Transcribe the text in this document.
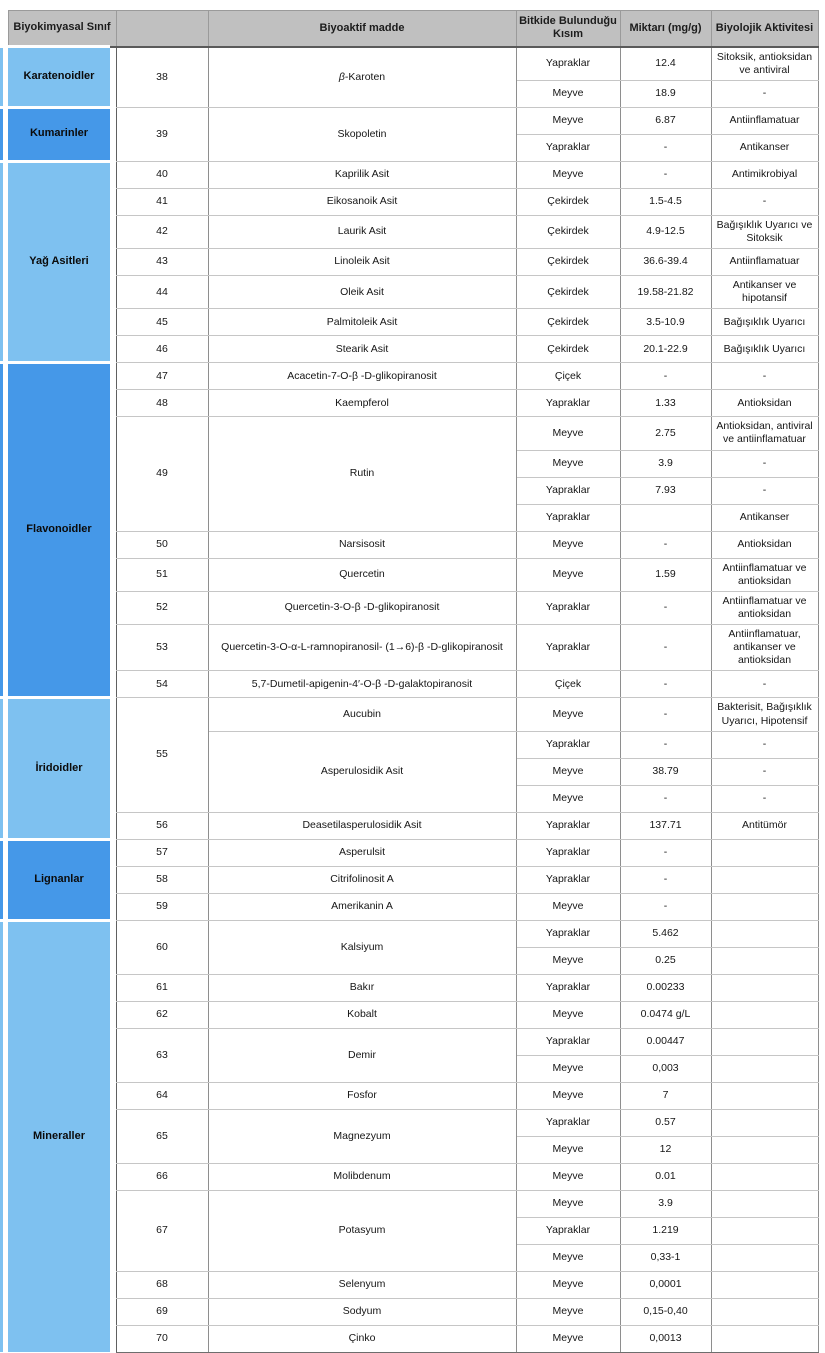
		Biyokimyasal Sınıf			Biyoaktif madde	Bitkide Bulunduğu Kısım	Miktarı (mg/g)	Biyolojik Aktivitesi
		Karatenoidler		38	β-Karoten	Yapraklar	12.4	Sitoksik, antioksidan ve antiviral
						Meyve	18.9	-
		Kumarinler		39	Skopoletin	Meyve	6.87	Antiinflamatuar
						Yapraklar	-	Antikanser
		Yağ Asitleri		40	Kaprilik Asit	Meyve	-	Antimikrobiyal
				41	Eikosanoik Asit	Çekirdek	1.5-4.5	-
				42	Laurik Asit	Çekirdek	4.9-12.5	Bağışıklık Uyarıcı ve Sitoksik
				43	Linoleik Asit	Çekirdek	36.6-39.4	Antiinflamatuar
				44	Oleik Asit	Çekirdek	19.58-21.82	Antikanser ve hipotansif
				45	Palmitoleik Asit	Çekirdek	3.5-10.9	Bağışıklık Uyarıcı
				46	Stearik Asit	Çekirdek	20.1-22.9	Bağışıklık Uyarıcı
		Flavonoidler		47	Acacetin-7-O-β -D-glikopiranosit	Çiçek	-	-
				48	Kaempferol	Yapraklar	1.33	Antioksidan
				49	Rutin	Meyve	2.75	Antioksidan, antiviral ve antiinflamatuar
						Meyve	3.9	-
						Yapraklar	7.93	-
						Yapraklar		Antikanser
				50	Narsisosit	Meyve	-	Antioksidan
				51	Quercetin	Meyve	1.59	Antiinflamatuar ve antioksidan
				52	Quercetin-3-O-β -D-glikopiranosit	Yapraklar	-	Antiinflamatuar ve antioksidan
				53	Quercetin-3-O-α-L-ramnopiranosil- (1→6)-β -D-glikopiranosit	Yapraklar	-	Antiinflamatuar, antikanser ve antioksidan
				54	5,7-Dumetil-apigenin-4′-O-β -D-galaktopiranosit	Çiçek	-	-
		İridoidler		55	Aucubin	Meyve	-	Bakterisit, Bağışıklık Uyarıcı, Hipotensif
					Asperulosidik Asit	Yapraklar	-	-
						Meyve	38.79	-
						Meyve	-	-
				56	Deasetilasperulosidik Asit	Yapraklar	137.71	Antitümör
		Lignanlar		57	Asperulsit	Yapraklar	-	
				58	Citrifolinosit A	Yapraklar	-	
				59	Amerikanin A	Meyve	-	
		Mineraller		60	Kalsiyum	Yapraklar	5.462	
						Meyve	0.25	
				61	Bakır	Yapraklar	0.00233	
				62	Kobalt	Meyve	0.0474 g/L	
				63	Demir	Yapraklar	0.00447	
						Meyve	0,003	
				64	Fosfor	Meyve	7	
				65	Magnezyum	Yapraklar	0.57	
						Meyve	12	
				66	Molibdenum	Meyve	0.01	
				67	Potasyum	Meyve	3.9	
						Yapraklar	1.219	
						Meyve	0,33-1	
				68	Selenyum	Meyve	0,0001	
				69	Sodyum	Meyve	0,15-0,40	
				70	Çinko	Meyve	0,0013	
